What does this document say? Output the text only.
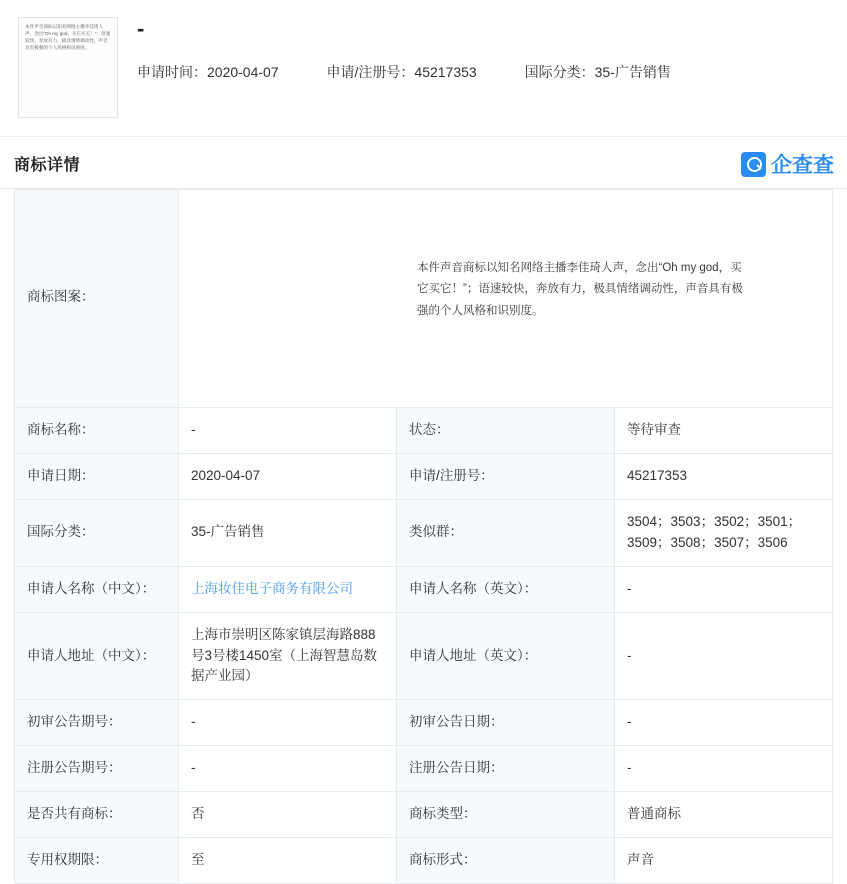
本件声音商标以知名网络主播李佳琦人声，念出“Oh my god，买它买它！”；语速较快，奔放有力，极具情绪调动性，声音具有极强的个人风格和识别度。
-
申请时间：2020-04-07	申请/注册号：45217353	国际分类：35-广告销售
商标详情	企查查
商标图案：	本件声音商标以知名网络主播李佳琦人声，念出“Oh my god，买它买它！”；语速较快，奔放有力，极具情绪调动性，声音具有极强的个人风格和识别度。		

商标名称：	-	状态：	等待审查
申请日期：	2020-04-07	申请/注册号：	45217353
国际分类：	35-广告销售	类似群：	3504；3503；3502；3501；3509；3508；3507；3506
申请人名称（中文）：	上海妆佳电子商务有限公司	申请人名称（英文）：	-
申请人地址（中文）：	上海市崇明区陈家镇层海路888号3号楼1450室（上海智慧岛数据产业园）	申请人地址（英文）：	-
初审公告期号：	-	初审公告日期：	-
注册公告期号：	-	注册公告日期：	-
是否共有商标：	否	商标类型：	普通商标
专用权期限：	至	商标形式：	声音
